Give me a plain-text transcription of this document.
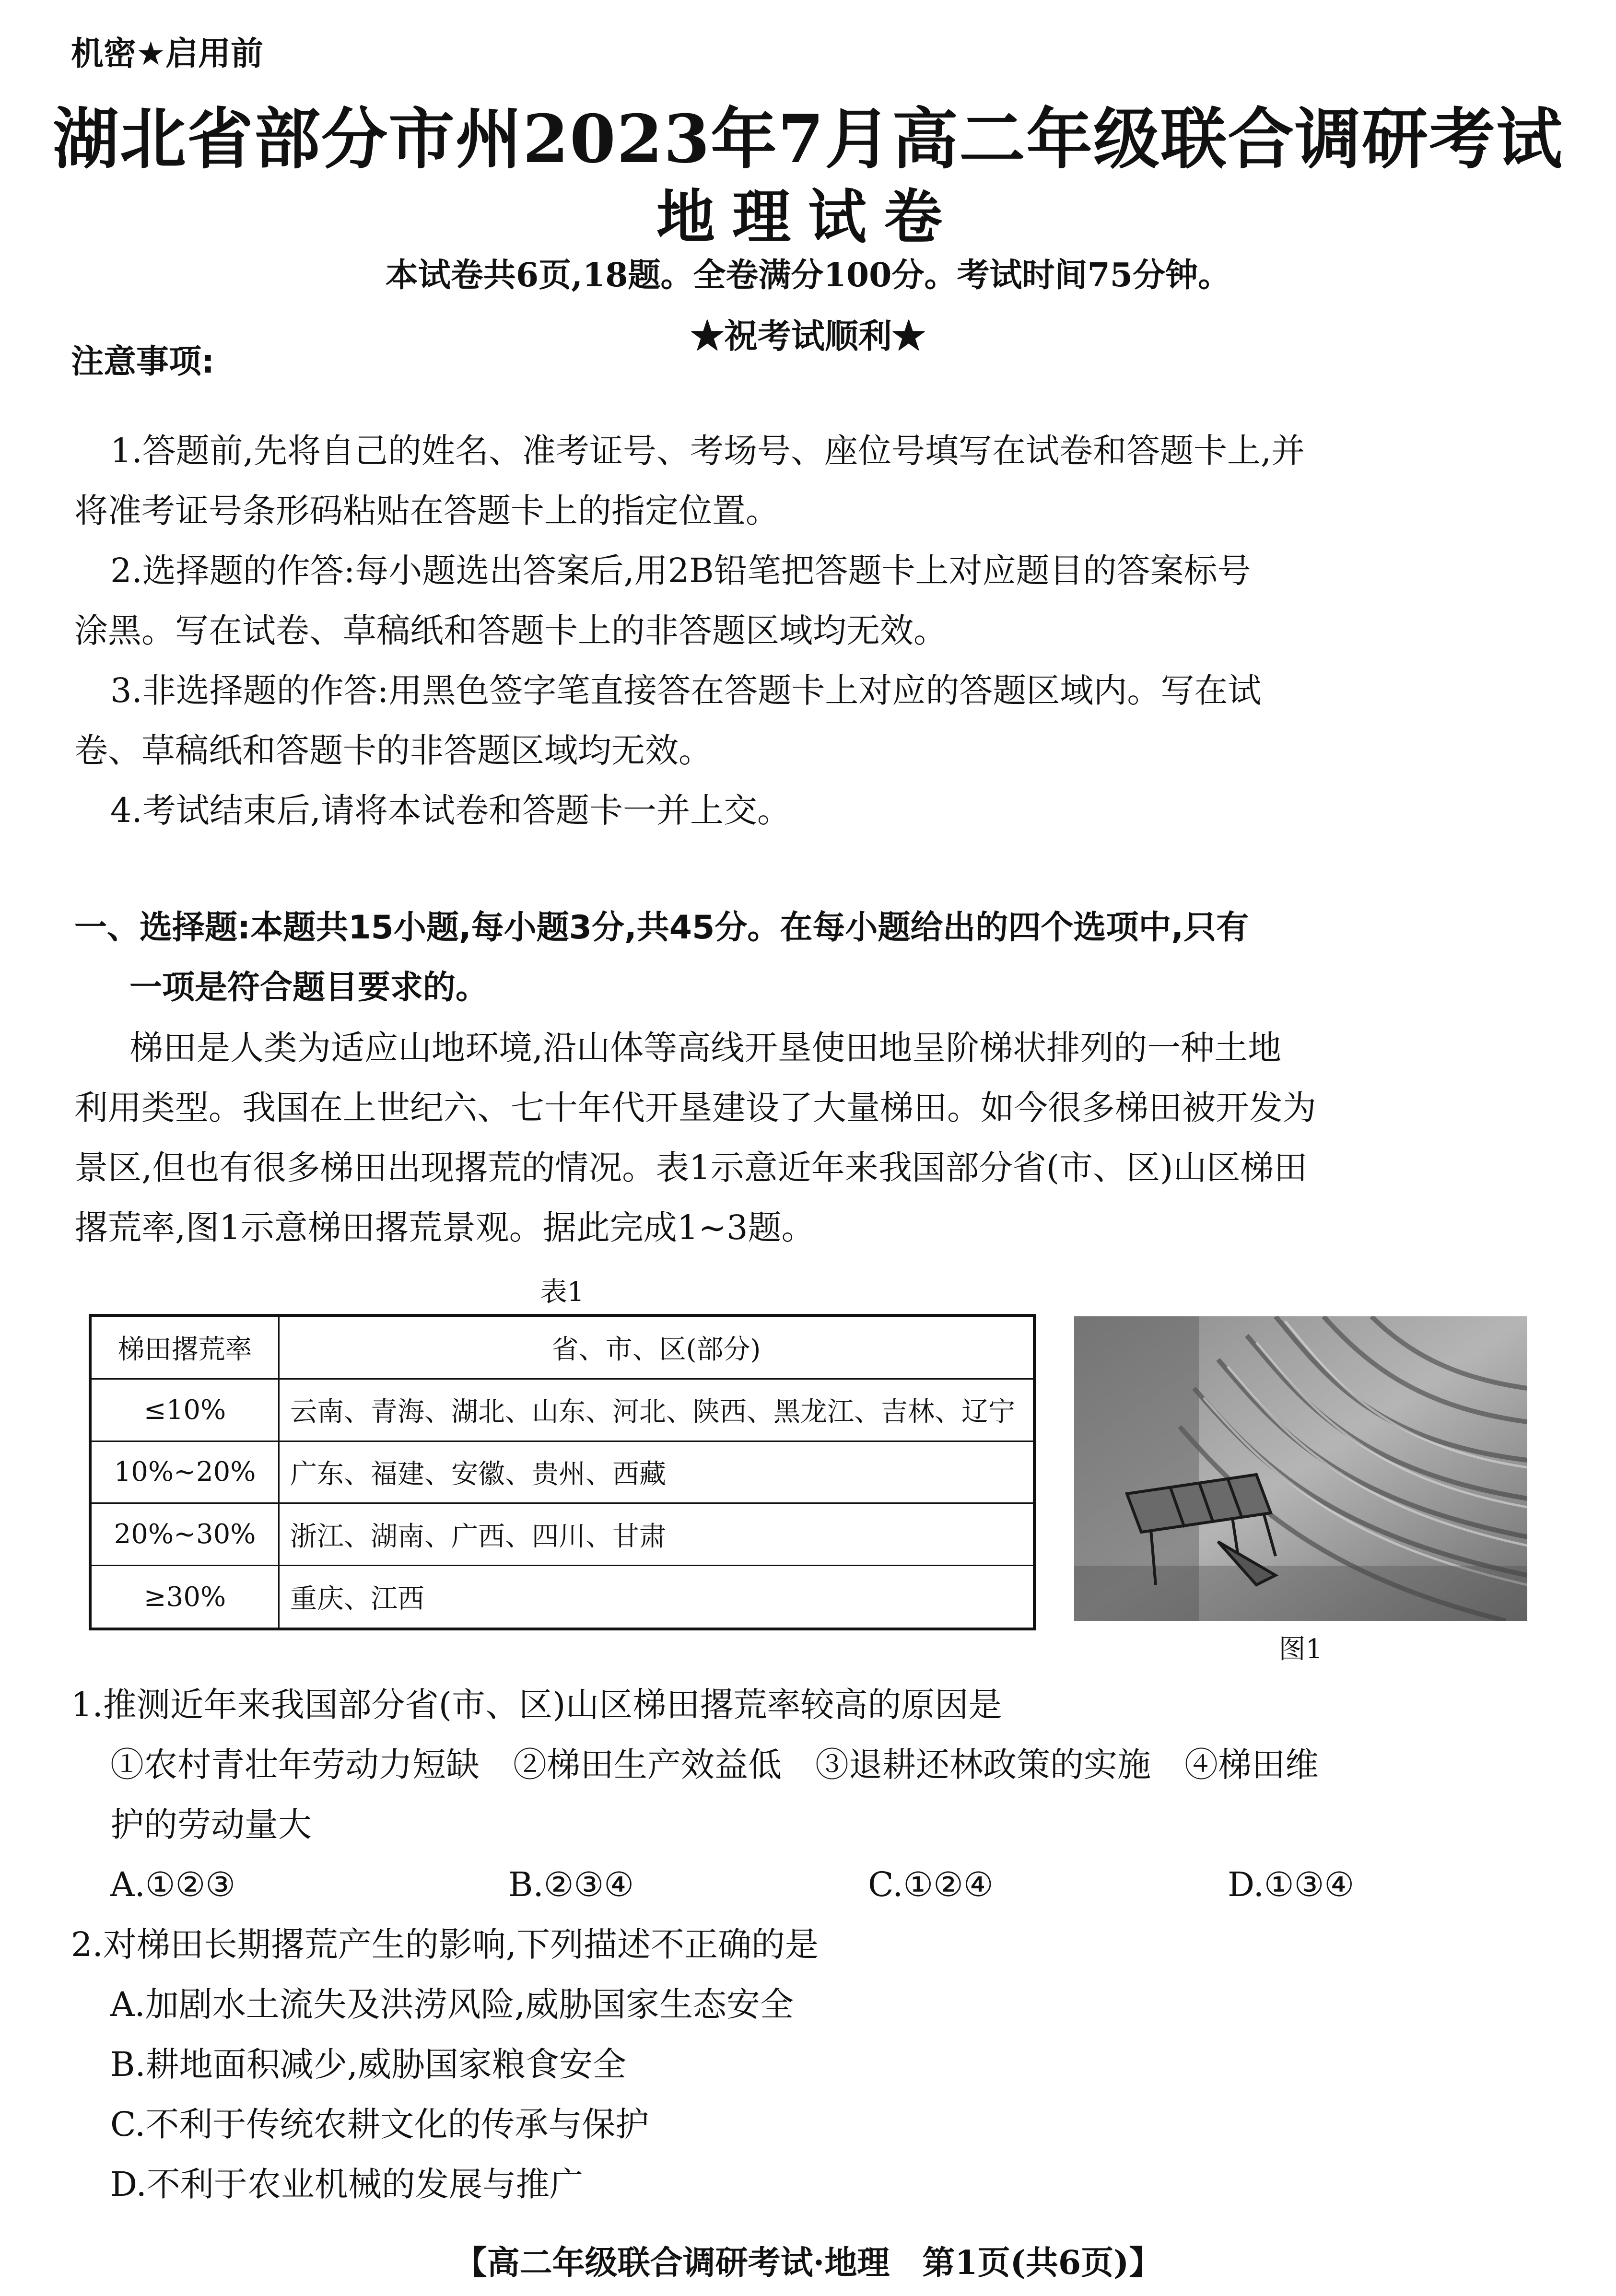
机密★启用前
湖北省部分市州2023年7月高二年级联合调研考试
地理试卷
本试卷共6页,18题。全卷满分100分。考试时间75分钟。
★祝考试顺利★
注意事项:
1.答题前,先将自己的姓名、准考证号、考场号、座位号填写在试卷和答题卡上,并
将准考证号条形码粘贴在答题卡上的指定位置。
2.选择题的作答:每小题选出答案后,用2B铅笔把答题卡上对应题目的答案标号
涂黑。写在试卷、草稿纸和答题卡上的非答题区域均无效。
3.非选择题的作答:用黑色签字笔直接答在答题卡上对应的答题区域内。写在试
卷、草稿纸和答题卡的非答题区域均无效。
4.考试结束后,请将本试卷和答题卡一并上交。
一、选择题:本题共15小题,每小题3分,共45分。在每小题给出的四个选项中,只有
一项是符合题目要求的。
梯田是人类为适应山地环境,沿山体等高线开垦使田地呈阶梯状排列的一种土地
利用类型。我国在上世纪六、七十年代开垦建设了大量梯田。如今很多梯田被开发为
景区,但也有很多梯田出现撂荒的情况。表1示意近年来我国部分省(市、区)山区梯田
撂荒率,图1示意梯田撂荒景观。据此完成1~3题。
表1
梯田撂荒率	省、市、区(部分)
≤10%	云南、青海、湖北、山东、河北、陕西、黑龙江、吉林、辽宁
10%~20%	广东、福建、安徽、贵州、西藏
20%~30%	浙江、湖南、广西、四川、甘肃
≥30%	重庆、江西
图1
1.推测近年来我国部分省(市、区)山区梯田撂荒率较高的原因是
①农村青壮年劳动力短缺　②梯田生产效益低　③退耕还林政策的实施　④梯田维
护的劳动量大
A.①②③	B.②③④	C.①②④	D.①③④
2.对梯田长期撂荒产生的影响,下列描述不正确的是
A.加剧水土流失及洪涝风险,威胁国家生态安全
B.耕地面积减少,威胁国家粮食安全
C.不利于传统农耕文化的传承与保护
D.不利于农业机械的发展与推广
【高二年级联合调研考试·地理　第1页(共6页)】
